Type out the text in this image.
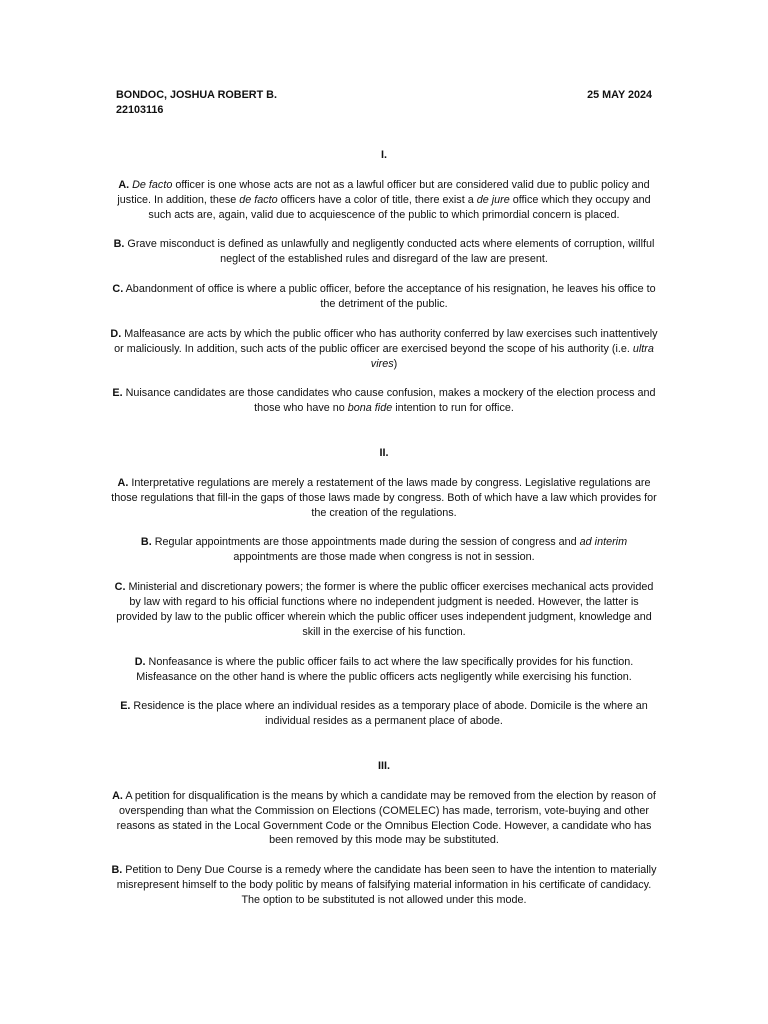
BONDOC, JOSHUA ROBERT B.	25 MAY 2024
22103116
I.
A. De facto officer is one whose acts are not as a lawful officer but are considered valid due to public policy and justice. In addition, these de facto officers have a color of title, there exist a de jure office which they occupy and such acts are, again, valid due to acquiescence of the public to which primordial concern is placed.
B. Grave misconduct is defined as unlawfully and negligently conducted acts where elements of corruption, willful neglect of the established rules and disregard of the law are present.
C. Abandonment of office is where a public officer, before the acceptance of his resignation, he leaves his office to the detriment of the public.
D. Malfeasance are acts by which the public officer who has authority conferred by law exercises such inattentively or maliciously. In addition, such acts of the public officer are exercised beyond the scope of his authority (i.e. ultra vires)
E. Nuisance candidates are those candidates who cause confusion, makes a mockery of the election process and those who have no bona fide intention to run for office.
II.
A. Interpretative regulations are merely a restatement of the laws made by congress. Legislative regulations are those regulations that fill-in the gaps of those laws made by congress. Both of which have a law which provides for the creation of the regulations.
B. Regular appointments are those appointments made during the session of congress and ad interim appointments are those made when congress is not in session.
C. Ministerial and discretionary powers; the former is where the public officer exercises mechanical acts provided by law with regard to his official functions where no independent judgment is needed. However, the latter is provided by law to the public officer wherein which the public officer uses independent judgment, knowledge and skill in the exercise of his function.
D. Nonfeasance is where the public officer fails to act where the law specifically provides for his function. Misfeasance on the other hand is where the public officers acts negligently while exercising his function.
E. Residence is the place where an individual resides as a temporary place of abode. Domicile is the where an individual resides as a permanent place of abode.
III.
A. A petition for disqualification is the means by which a candidate may be removed from the election by reason of overspending than what the Commission on Elections (COMELEC) has made, terrorism, vote-buying and other reasons as stated in the Local Government Code or the Omnibus Election Code. However, a candidate who has been removed by this mode may be substituted.
B. Petition to Deny Due Course is a remedy where the candidate has been seen to have the intention to materially misrepresent himself to the body politic by means of falsifying material information in his certificate of candidacy. The option to be substituted is not allowed under this mode.
